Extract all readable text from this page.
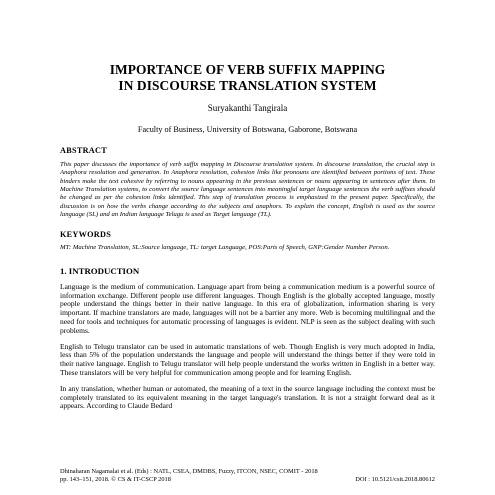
IMPORTANCE OF VERB SUFFIX MAPPING
IN DISCOURSE TRANSLATION SYSTEM

Suryakanthi Tangirala

Faculty of Business, University of Botswana, Gaborone, Botswana

ABSTRACT

This paper discusses the importance of verb suffix mapping in Discourse translation system. In discourse translation, the crucial step is Anaphora resolution and generation. In Anaphora resolution, cohesion links like pronouns are identified between portions of text. These binders make the text cohesive by referring to nouns appearing in the previous sentences or nouns appearing in sentences after them. In Machine Translation systems, to convert the source language sentences into meaningful target language sentences the verb suffixes should be changed as per the cohesion links identified. This step of translation process is emphasized in the present paper. Specifically, the discussion is on how the verbs change according to the subjects and anaphors. To explain the concept, English is used as the source language (SL) and an Indian language Telugu is used as Target language (TL).

KEYWORDS

MT: Machine Translation, SL:Source language, TL: target Language, POS:Parts of Speech, GNP:Gender Number Person.

1. INTRODUCTION

Language is the medium of communication. Language apart from being a communication medium is a powerful source of information exchange. Different people use different languages. Though English is the globally accepted language, mostly people understand the things better in their native language. In this era of globalization, information sharing is very important. If machine translators are made, languages will not be a barrier any more. Web is becoming multilingual and the need for tools and techniques for automatic processing of languages is evident. NLP is seen as the subject dealing with such problems.

English to Telugu translator can be used in automatic translations of web. Though English is very much adopted in India, less than 5% of the population understands the language and people will understand the things better if they were told in their native language. English to Telugu translator will help people understand the works written in English in a better way. These translators will be very helpful for communication among people and for learning English.

In any translation, whether human or automated, the meaning of a text in the source language including the context must be completely translated to its equivalent meaning in the target language's translation. It is not a straight forward deal as it appears. According to Claude Bedard

Dhinaharan Nagamalai et al. (Eds) : NATL, CSEA, DMDBS, Fuzzy, ITCON, NSEC, COMIT - 2018
pp. 143–151, 2018. © CS & IT-CSCP 2018	DOI : 10.5121/csit.2018.80612
